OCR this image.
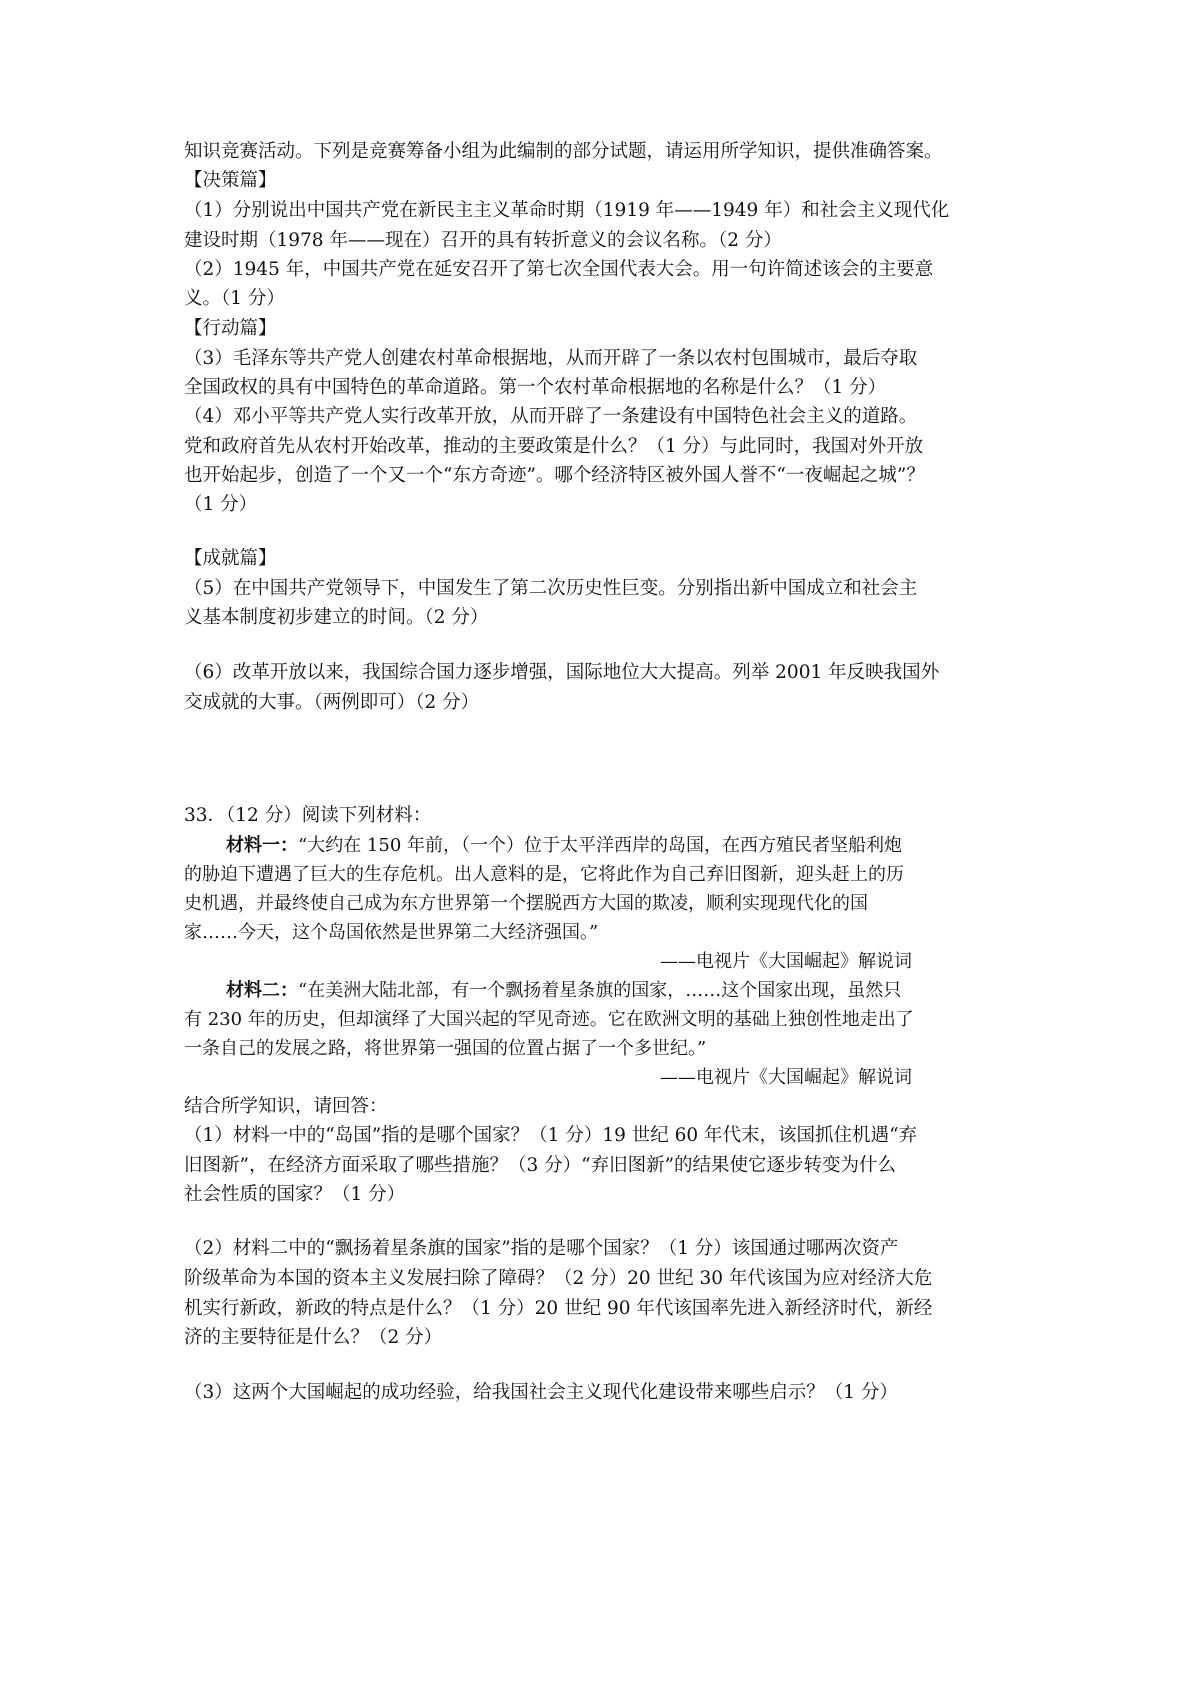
知识竞赛活动。下列是竞赛筹备小组为此编制的部分试题，请运用所学知识，提供准确答案。
【决策篇】
（1）分别说出中国共产党在新民主主义革命时期（1919 年——1949 年）和社会主义现代化
建设时期（1978 年——现在）召开的具有转折意义的会议名称。（2 分）
（2）1945 年，中国共产党在延安召开了第七次全国代表大会。用一句许简述该会的主要意
义。（1 分）
【行动篇】
（3）毛泽东等共产党人创建农村革命根据地，从而开辟了一条以农村包围城市，最后夺取
全国政权的具有中国特色的革命道路。第一个农村革命根据地的名称是什么？（1 分）
（4）邓小平等共产党人实行改革开放，从而开辟了一条建设有中国特色社会主义的道路。
党和政府首先从农村开始改革，推动的主要政策是什么？（1 分）与此同时，我国对外开放
也开始起步，创造了一个又一个“东方奇迹”。哪个经济特区被外国人誉不“一夜崛起之城”？
（1 分）
【成就篇】
（5）在中国共产党领导下，中国发生了第二次历史性巨变。分别指出新中国成立和社会主
义基本制度初步建立的时间。（2 分）
（6）改革开放以来，我国综合国力逐步增强，国际地位大大提高。列举 2001 年反映我国外
交成就的大事。（两例即可）（2 分）
33．（12 分）阅读下列材料：
材料一：“大约在 150 年前，（一个）位于太平洋西岸的岛国，在西方殖民者坚船利炮
的胁迫下遭遇了巨大的生存危机。出人意料的是，它将此作为自己弃旧图新，迎头赶上的历
史机遇，并最终使自己成为东方世界第一个摆脱西方大国的欺凌，顺利实现现代化的国
家……今天，这个岛国依然是世界第二大经济强国。”
——电视片《大国崛起》解说词
材料二：“在美洲大陆北部，有一个飘扬着星条旗的国家，……这个国家出现，虽然只
有 230 年的历史，但却演绎了大国兴起的罕见奇迹。它在欧洲文明的基础上独创性地走出了
一条自己的发展之路，将世界第一强国的位置占据了一个多世纪。”
——电视片《大国崛起》解说词
结合所学知识，请回答：
（1）材料一中的“岛国”指的是哪个国家？（1 分）19 世纪 60 年代末，该国抓住机遇“弃
旧图新”，在经济方面采取了哪些措施？（3 分）“弃旧图新”的结果使它逐步转变为什么
社会性质的国家？（1 分）
（2）材料二中的“飘扬着星条旗的国家”指的是哪个国家？（1 分）该国通过哪两次资产
阶级革命为本国的资本主义发展扫除了障碍？（2 分）20 世纪 30 年代该国为应对经济大危
机实行新政，新政的特点是什么？（1 分）20 世纪 90 年代该国率先进入新经济时代，新经
济的主要特征是什么？（2 分）
（3）这两个大国崛起的成功经验，给我国社会主义现代化建设带来哪些启示？（1 分）
